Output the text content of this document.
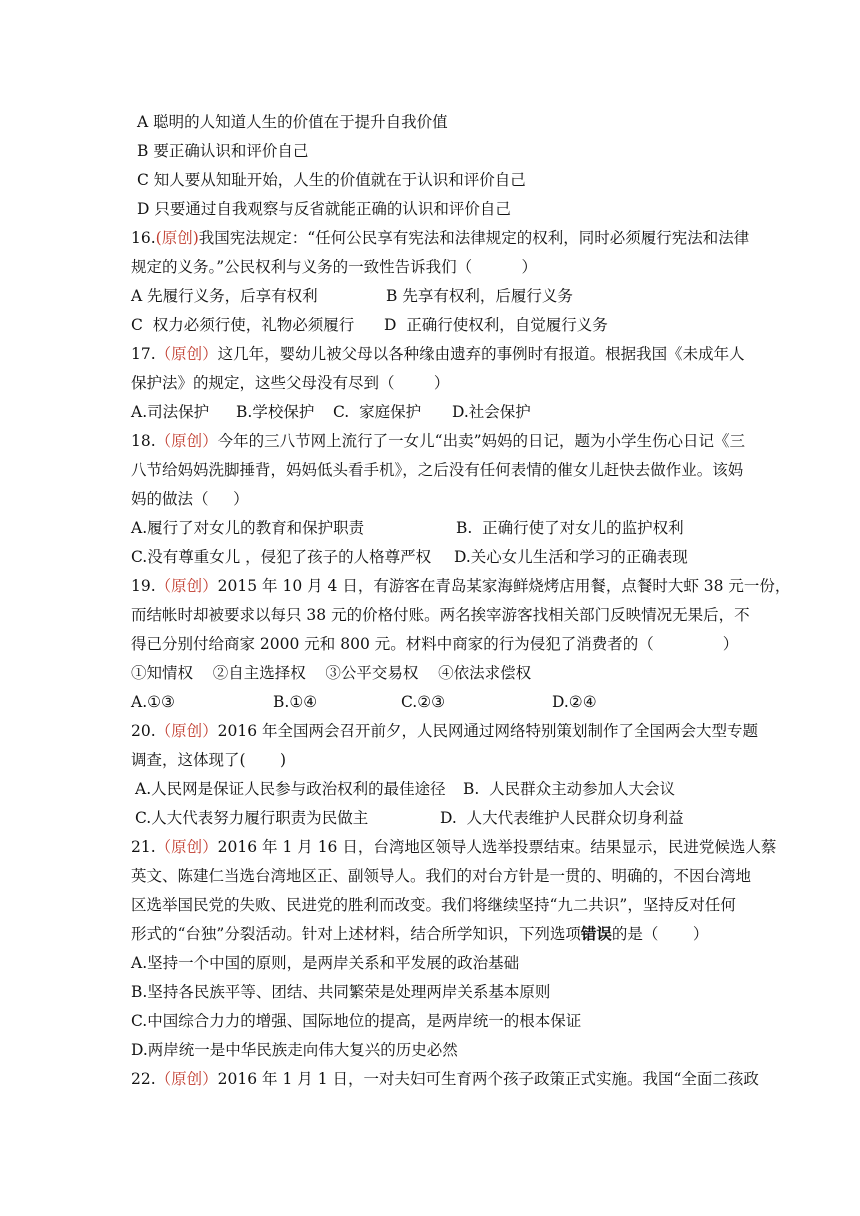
A 聪明的人知道人生的价值在于提升自我价值
B 要正确认识和评价自己
C 知人要从知耻开始，人生的价值就在于认识和评价自己
D 只要通过自我观察与反省就能正确的认识和评价自己
16.(原创)我国宪法规定：“任何公民享有宪法和法律规定的权利，同时必须履行宪法和法律
规定的义务。”公民权利与义务的一致性告诉我们（          ）
A 先履行义务，后享有权利	B 先享有权利，后履行义务
C  权力必须行使，礼物必须履行 D  正确行使权利，自觉履行义务
17.（原创）这几年，婴幼儿被父母以各种缘由遗弃的事例时有报道。根据我国《未成年人
保护法》的规定，这些父母没有尽到（        ）
A.司法保护 B.学校保护 C.  家庭保护 D.社会保护
18.（原创）今年的三八节网上流行了一女儿“出卖”妈妈的日记，题为小学生伤心日记《三
八节给妈妈洗脚捶背，妈妈低头看手机》，之后没有任何表情的催女儿赶快去做作业。该妈
妈的做法（     ）
A.履行了对女儿的教育和保护职责	B.  正确行使了对女儿的监护权利
C.没有尊重女儿 ，侵犯了孩子的人格尊严权 D.关心女儿生活和学习的正确表现
19.（原创）2015 年 10 月 4 日，有游客在青岛某家海鲜烧烤店用餐，点餐时大虾 38 元一份，
而结帐时却被要求以每只 38 元的价格付账。两名挨宰游客找相关部门反映情况无果后，不
得已分别付给商家 2000 元和 800 元。材料中商家的行为侵犯了消费者的（              ）
①知情权    ②自主选择权    ③公平交易权    ④依法求偿权
A.①③	B.①④	C.②③	D.②④
20.（原创）2016 年全国两会召开前夕，人民网通过网络特别策划制作了全国两会大型专题
调查，这体现了(       )
A.人民网是保证人民参与政治权利的最佳途径 B.  人民群众主动参加人大会议
C.人大代表努力履行职责为民做主	D.  人大代表维护人民群众切身利益
21.（原创）2016 年 1 月 16 日，台湾地区领导人选举投票结束。结果显示，民进党候选人蔡
英文、陈建仁当选台湾地区正、副领导人。我们的对台方针是一贯的、明确的，不因台湾地
区选举国民党的失败、民进党的胜利而改变。我们将继续坚持“九二共识”，坚持反对任何
形式的“台独”分裂活动。针对上述材料，结合所学知识，下列选项错误的是（       ）
A.坚持一个中国的原则，是两岸关系和平发展的政治基础
B.坚持各民族平等、团结、共同繁荣是处理两岸关系基本原则
C.中国综合力力的增强、国际地位的提高，是两岸统一的根本保证
D.两岸统一是中华民族走向伟大复兴的历史必然
22.（原创）2016 年 1 月 1 日，一对夫妇可生育两个孩子政策正式实施。我国“全面二孩政
